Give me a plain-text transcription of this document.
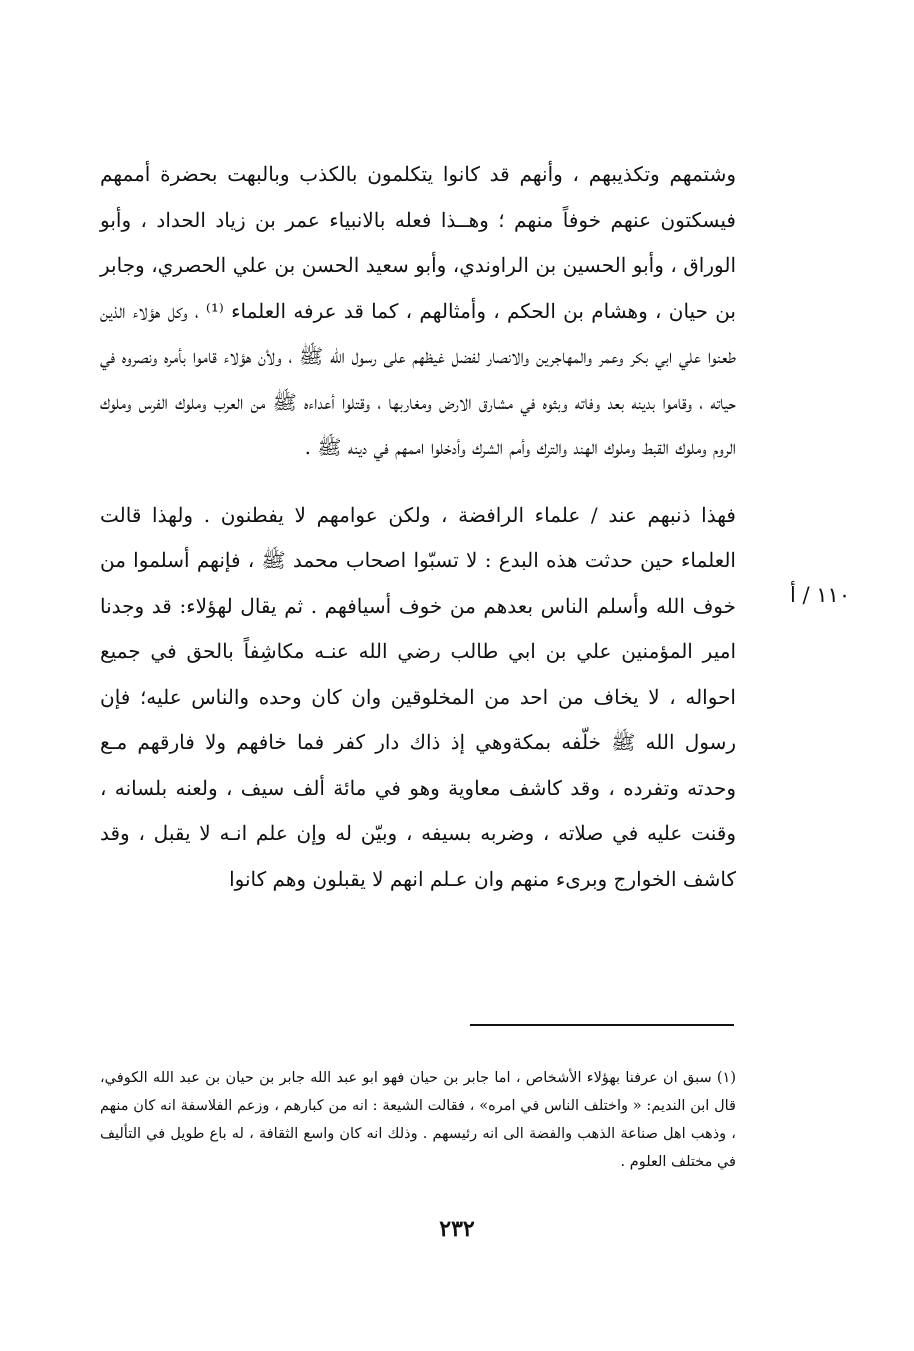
١١٠ / أ

وشتمهم وتكذيبهم ، وأنهم قد كانوا يتكلمون بالكذب وبالبهت بحضرة أممهم فيسكتون عنهم خوفاً منهم ؛ وهــذا فعله بالانبياء عمر بن زياد الحداد ، وأبو الوراق ، وأبو الحسين بن الراوندي، وأبو سعيد الحسن بن علي الحصري، وجابر بن حيان ، وهشام بن الحكم ، وأمثالهم ، كما قد عرفه العلماء ⁽¹⁾ ، وكل هؤلاء الذين طعنوا علي ابي بكر وعمر والمهاجرين والانصار لفضل غيظهم على رسول الله ﷺ ، ولأن هؤلاء قاموا بأمره ونصروه في حياته ، وقاموا بدينه بعد وفاته وبثوه في مشارق الارض ومغاربها ، وقتلوا أعداءه ﷺ من العرب وملوك الفرس وملوك الروم وملوك القبط وملوك الهند والترك وأمم الشرك وأدخلوا اممهم في دينه ﷺ .

فهذا ذنبهم عند / علماء الرافضة ، ولكن عوامهم لا يفطنون . ولهذا قالت العلماء حين حدثت هذه البدع : لا تسبّوا اصحاب محمد ﷺ ، فإنهم أسلموا من خوف الله وأسلم الناس بعدهم من خوف أسيافهم . ثم يقال لهؤلاء: قد وجدنا امير المؤمنين علي بن ابي طالب رضي الله عنـه مكاشِفاً بالحق في جميع احواله ، لا يخاف من احد من المخلوقين وان كان وحده والناس عليه؛ فإن رسول الله ﷺ خلّفه بمكةوهي إذ ذاك دار كفر فما خافهم ولا فارقهم مـع وحدته وتفرده ، وقد كاشف معاوية وهو في مائة ألف سيف ، ولعنه بلسانه ، وقنت عليه في صلاته ، وضربه بسيفه ، وبيّن له وإن علم انـه لا يقبل ، وقد كاشف الخوارج وبرىء منهم وان عـلم انهم لا يقبلون وهم كانوا

(١) سبق ان عرفنا بهؤلاء الأشخاص ، اما جابر بن حيان فهو ابو عبد الله جابر بن حيان بن عبد الله الكوفي، قال ابن النديم: « واختلف الناس في امره» ، فقالت الشيعة : انه من كبارهم ، وزعم الفلاسفة انه كان منهم ، وذهب اهل صناعة الذهب والفضة الى انه رئيسهم . وذلك انه كان واسع الثقافة ، له باع طويل في التأليف في مختلف العلوم .

٢٣٢
